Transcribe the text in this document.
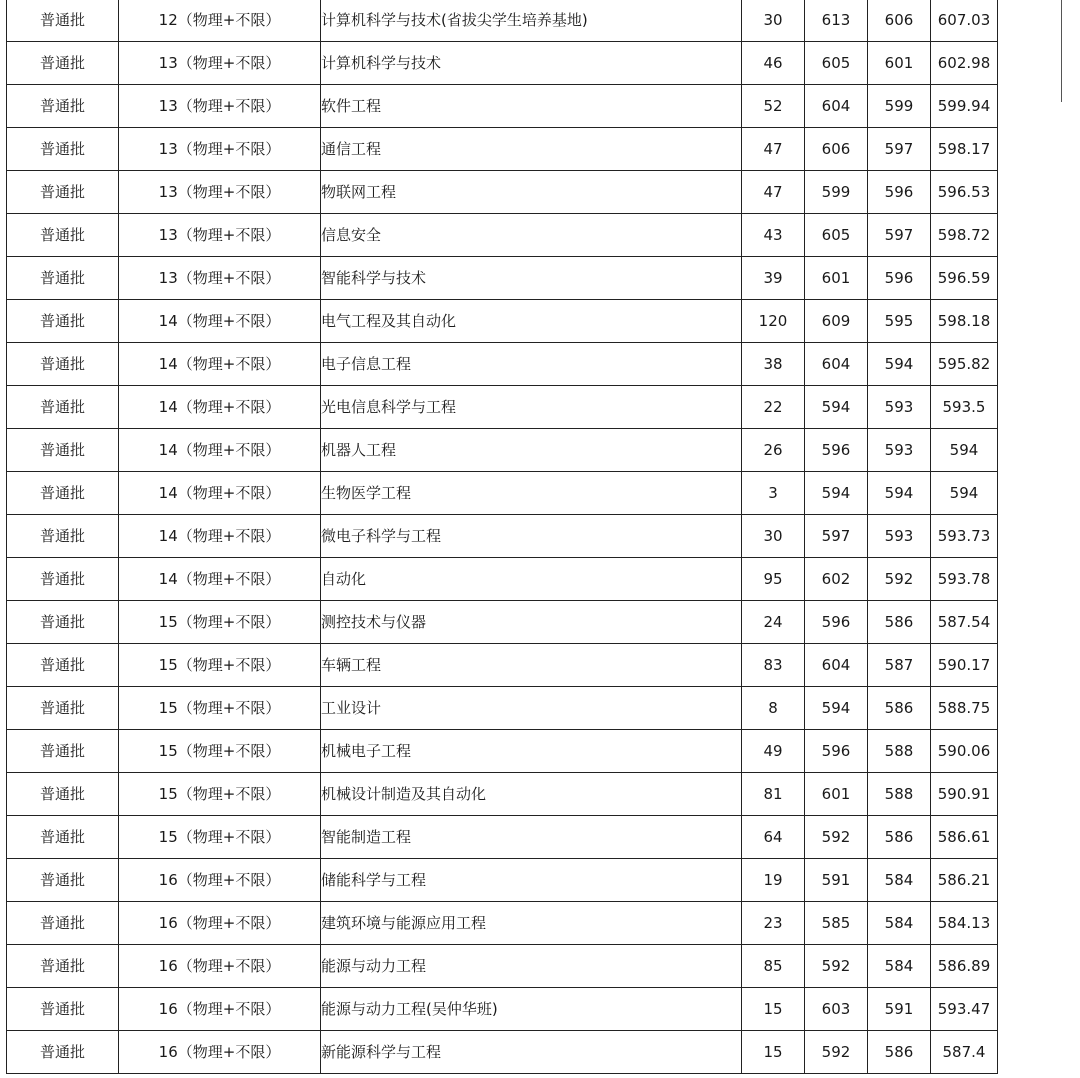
普通批	12（物理+不限）	计算机科学与技术(省拔尖学生培养基地)	30	613	606	607.03
普通批	13（物理+不限）	计算机科学与技术	46	605	601	602.98
普通批	13（物理+不限）	软件工程	52	604	599	599.94
普通批	13（物理+不限）	通信工程	47	606	597	598.17
普通批	13（物理+不限）	物联网工程	47	599	596	596.53
普通批	13（物理+不限）	信息安全	43	605	597	598.72
普通批	13（物理+不限）	智能科学与技术	39	601	596	596.59
普通批	14（物理+不限）	电气工程及其自动化	120	609	595	598.18
普通批	14（物理+不限）	电子信息工程	38	604	594	595.82
普通批	14（物理+不限）	光电信息科学与工程	22	594	593	593.5
普通批	14（物理+不限）	机器人工程	26	596	593	594
普通批	14（物理+不限）	生物医学工程	3	594	594	594
普通批	14（物理+不限）	微电子科学与工程	30	597	593	593.73
普通批	14（物理+不限）	自动化	95	602	592	593.78
普通批	15（物理+不限）	测控技术与仪器	24	596	586	587.54
普通批	15（物理+不限）	车辆工程	83	604	587	590.17
普通批	15（物理+不限）	工业设计	8	594	586	588.75
普通批	15（物理+不限）	机械电子工程	49	596	588	590.06
普通批	15（物理+不限）	机械设计制造及其自动化	81	601	588	590.91
普通批	15（物理+不限）	智能制造工程	64	592	586	586.61
普通批	16（物理+不限）	储能科学与工程	19	591	584	586.21
普通批	16（物理+不限）	建筑环境与能源应用工程	23	585	584	584.13
普通批	16（物理+不限）	能源与动力工程	85	592	584	586.89
普通批	16（物理+不限）	能源与动力工程(吴仲华班)	15	603	591	593.47
普通批	16（物理+不限）	新能源科学与工程	15	592	586	587.4
